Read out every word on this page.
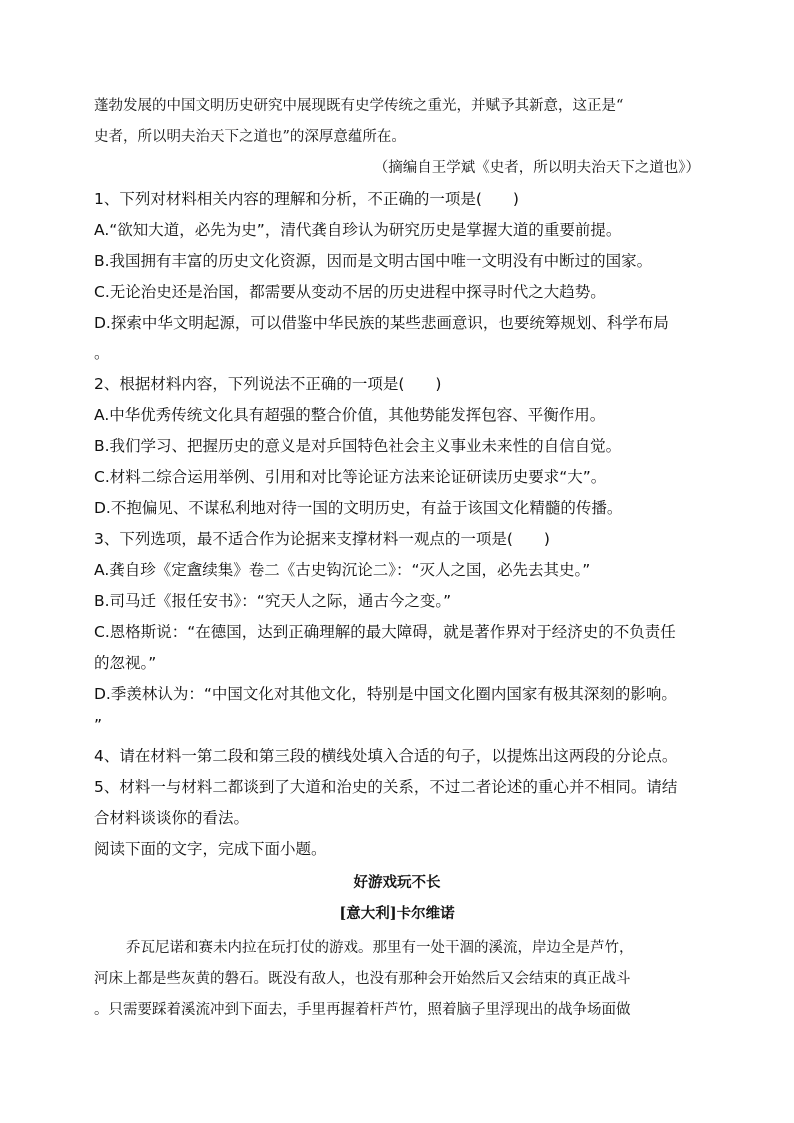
蓬勃发展的中国文明历史研究中展现既有史学传统之重光，并赋予其新意，这正是“
史者，所以明夫治天下之道也”的深厚意蕴所在。
（摘编自王学斌《史者，所以明夫治天下之道也》）
1、下列对材料相关内容的理解和分析，不正确的一项是(　　)
A.“欲知大道，必先为史”，清代龚自珍认为研究历史是掌握大道的重要前提。
B.我国拥有丰富的历史文化资源，因而是文明古国中唯一文明没有中断过的国家。
C.无论治史还是治国，都需要从变动不居的历史进程中探寻时代之大趋势。
D.探索中华文明起源，可以借鉴中华民族的某些悲画意识，也要统筹规划、科学布局
。
2、根据材料内容，下列说法不正确的一项是(　　)
A.中华优秀传统文化具有超强的整合价值，其他势能发挥包容、平衡作用。
B.我们学习、把握历史的意义是对乒国特色社会主义事业未来性的自信自觉。
C.材料二综合运用举例、引用和对比等论证方法来论证研读历史要求“大”。
D.不抱偏见、不谋私利地对待一国的文明历史，有益于该国文化精髓的传播。
3、下列选项，最不适合作为论据来支撑材料一观点的一项是(　　)
A.龚自珍《定盦续集》卷二《古史钩沉论二》：“灭人之国，必先去其史。”
B.司马迁《报任安书》：“究天人之际，通古今之变。”
C.恩格斯说：“在德国，达到正确理解的最大障碍，就是著作界对于经济史的不负责任
的忽视。”
D.季羡林认为：“中国文化对其他文化，特别是中国文化圈内国家有极其深刻的影响。
”
4、请在材料一第二段和第三段的横线处填入合适的句子，以提炼出这两段的分论点。
5、材料一与材料二都谈到了大道和治史的关系，不过二者论述的重心并不相同。请结
合材料谈谈你的看法。
阅读下面的文字，完成下面小题。
好游戏玩不长
[意大利]卡尔维诺
乔瓦尼诺和赛未内拉在玩打仗的游戏。那里有一处干涸的溪流，岸边全是芦竹，
河床上都是些灰黄的磐石。既没有敌人，也没有那种会开始然后又会结束的真正战斗
。只需要踩着溪流冲到下面去，手里再握着杆芦竹，照着脑子里浮现出的战争场面做
